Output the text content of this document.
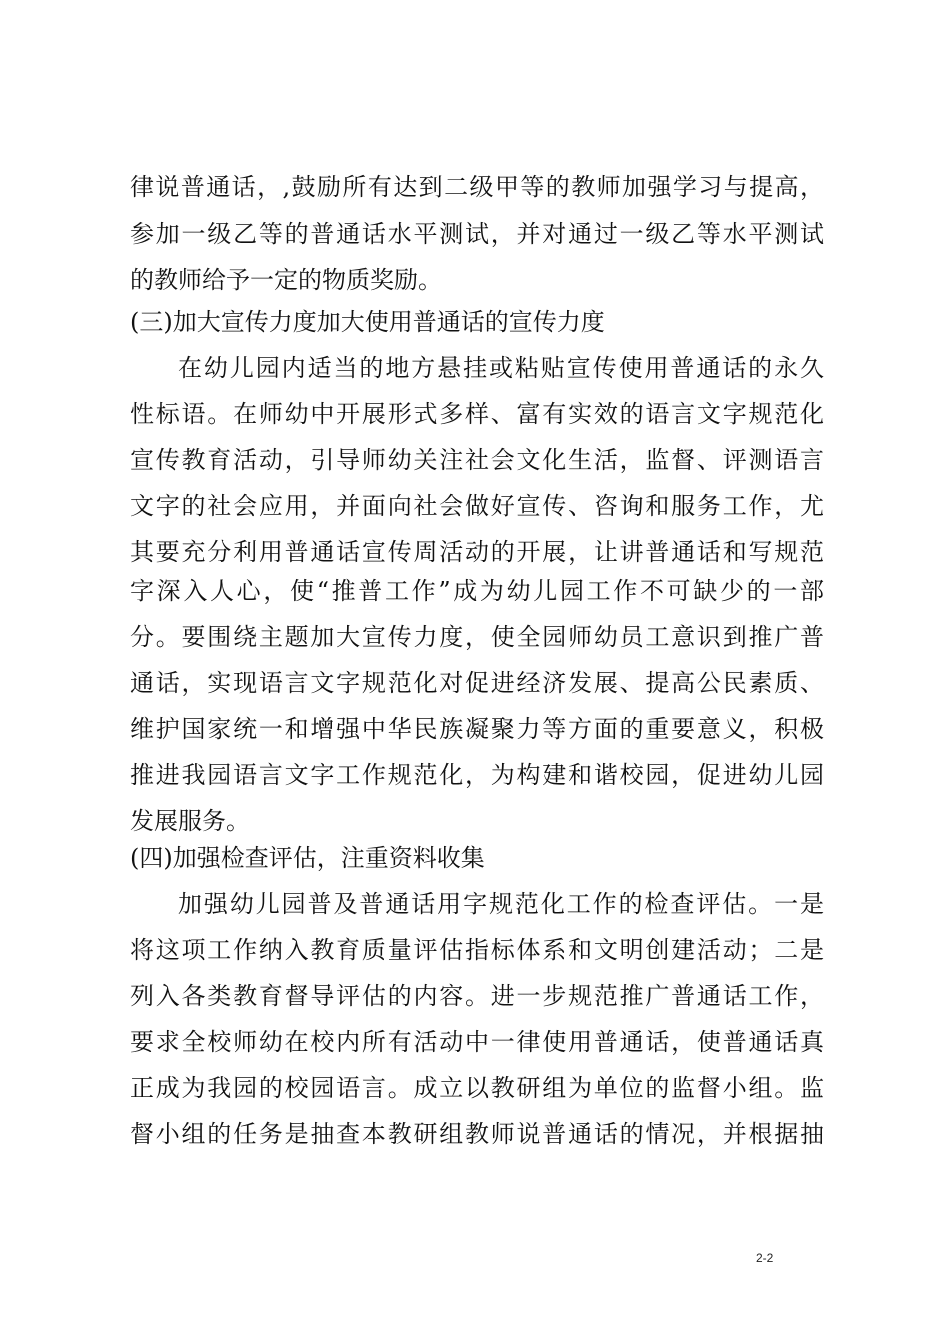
律说普通话，,鼓励所有达到二级甲等的教师加强学习与提高，
参加一级乙等的普通话水平测试，并对通过一级乙等水平测试
的教师给予一定的物质奖励。
(三)加大宣传力度加大使用普通话的宣传力度
在幼儿园内适当的地方悬挂或粘贴宣传使用普通话的永久
性标语。在师幼中开展形式多样、富有实效的语言文字规范化
宣传教育活动，引导师幼关注社会文化生活，监督、评测语言
文字的社会应用，并面向社会做好宣传、咨询和服务工作，尤
其要充分利用普通话宣传周活动的开展，让讲普通话和写规范
字深入人心，使“推普工作”成为幼儿园工作不可缺少的一部
分。要围绕主题加大宣传力度，使全园师幼员工意识到推广普
通话，实现语言文字规范化对促进经济发展、提高公民素质、
维护国家统一和增强中华民族凝聚力等方面的重要意义，积极
推进我园语言文字工作规范化，为构建和谐校园，促进幼儿园
发展服务。
(四)加强检查评估，注重资料收集
加强幼儿园普及普通话用字规范化工作的检查评估。一是
将这项工作纳入教育质量评估指标体系和文明创建活动；二是
列入各类教育督导评估的内容。进一步规范推广普通话工作，
要求全校师幼在校内所有活动中一律使用普通话，使普通话真
正成为我园的校园语言。成立以教研组为单位的监督小组。监
督小组的任务是抽查本教研组教师说普通话的情况，并根据抽
2-2
